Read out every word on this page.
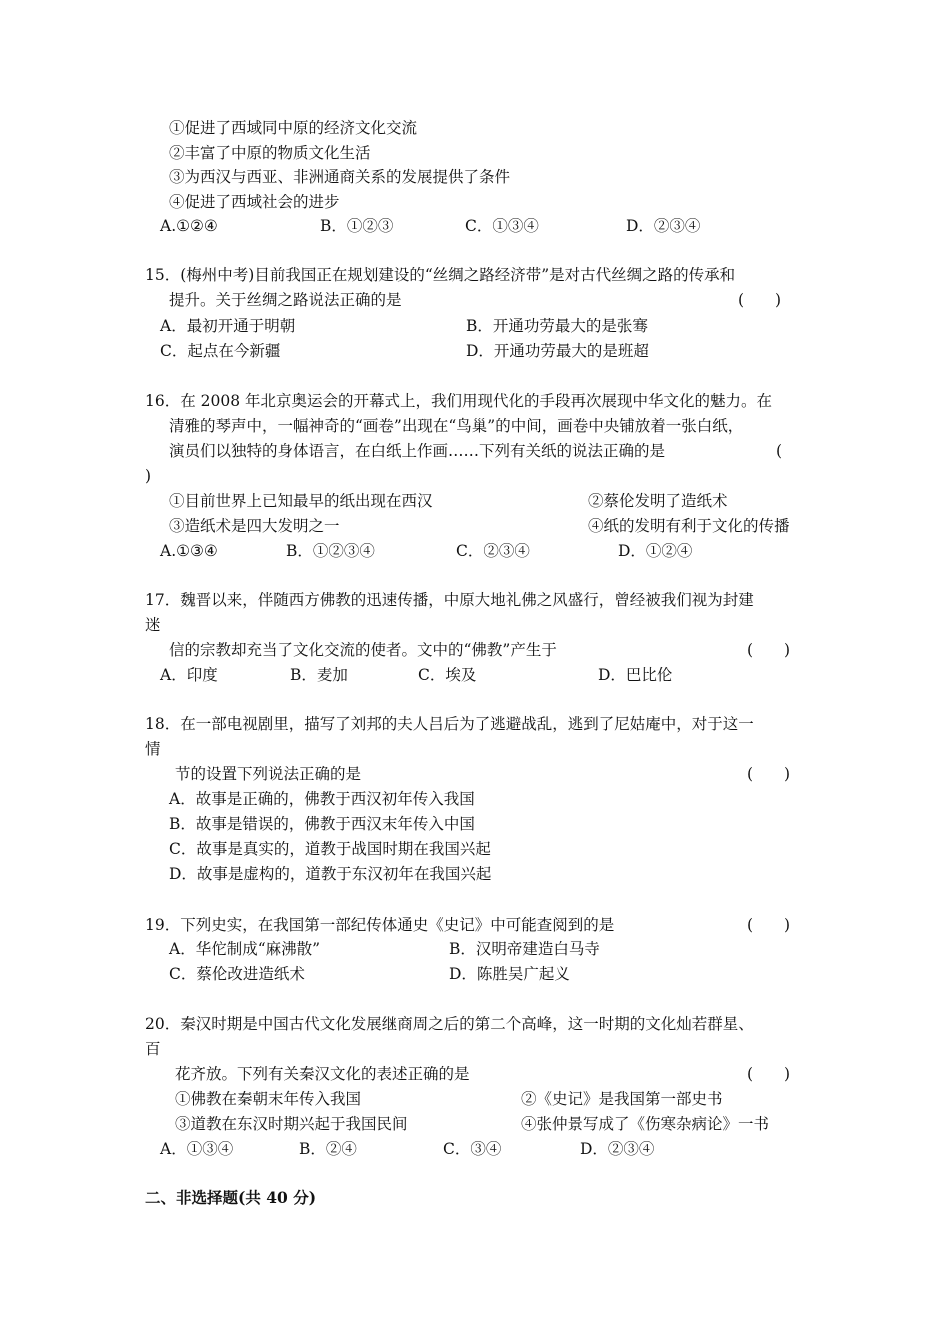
①促进了西域同中原的经济文化交流
②丰富了中原的物质文化生活
③为西汉与西亚、非洲通商关系的发展提供了条件
④促进了西域社会的进步
A.①②④	B．①②③	C．①③④	D．②③④
15．(梅州中考)目前我国正在规划建设的“丝绸之路经济带”是对古代丝绸之路的传承和
提升。关于丝绸之路说法正确的是	(　　)
A．最初开通于明朝	B．开通功劳最大的是张骞
C．起点在今新疆	D．开通功劳最大的是班超
16．在 2008 年北京奥运会的开幕式上，我们用现代化的手段再次展现中华文化的魅力。在
清雅的琴声中，一幅神奇的“画卷”出现在“鸟巢”的中间，画卷中央铺放着一张白纸，
演员们以独特的身体语言，在白纸上作画……下列有关纸的说法正确的是	(
)
①目前世界上已知最早的纸出现在西汉	②蔡伦发明了造纸术
③造纸术是四大发明之一	④纸的发明有利于文化的传播
A.①③④	B．①②③④	C．②③④	D．①②④
17．魏晋以来，伴随西方佛教的迅速传播，中原大地礼佛之风盛行，曾经被我们视为封建
迷
信的宗教却充当了文化交流的使者。文中的“佛教”产生于	(　　)
A．印度	B．麦加	C．埃及	D．巴比伦
18．在一部电视剧里，描写了刘邦的夫人吕后为了逃避战乱，逃到了尼姑庵中，对于这一
情
节的设置下列说法正确的是	(　　)
A．故事是正确的，佛教于西汉初年传入我国
B．故事是错误的，佛教于西汉末年传入中国
C．故事是真实的，道教于战国时期在我国兴起
D．故事是虚构的，道教于东汉初年在我国兴起
19．下列史实，在我国第一部纪传体通史《史记》中可能查阅到的是	(　　)
A．华佗制成“麻沸散”	B．汉明帝建造白马寺
C．蔡伦改进造纸术	D．陈胜吴广起义
20．秦汉时期是中国古代文化发展继商周之后的第二个高峰，这一时期的文化灿若群星、
百
花齐放。下列有关秦汉文化的表述正确的是	(　　)
①佛教在秦朝末年传入我国	②《史记》是我国第一部史书
③道教在东汉时期兴起于我国民间	④张仲景写成了《伤寒杂病论》一书
A．①③④	B．②④	C．③④	D．②③④
二、非选择题(共 40 分)
